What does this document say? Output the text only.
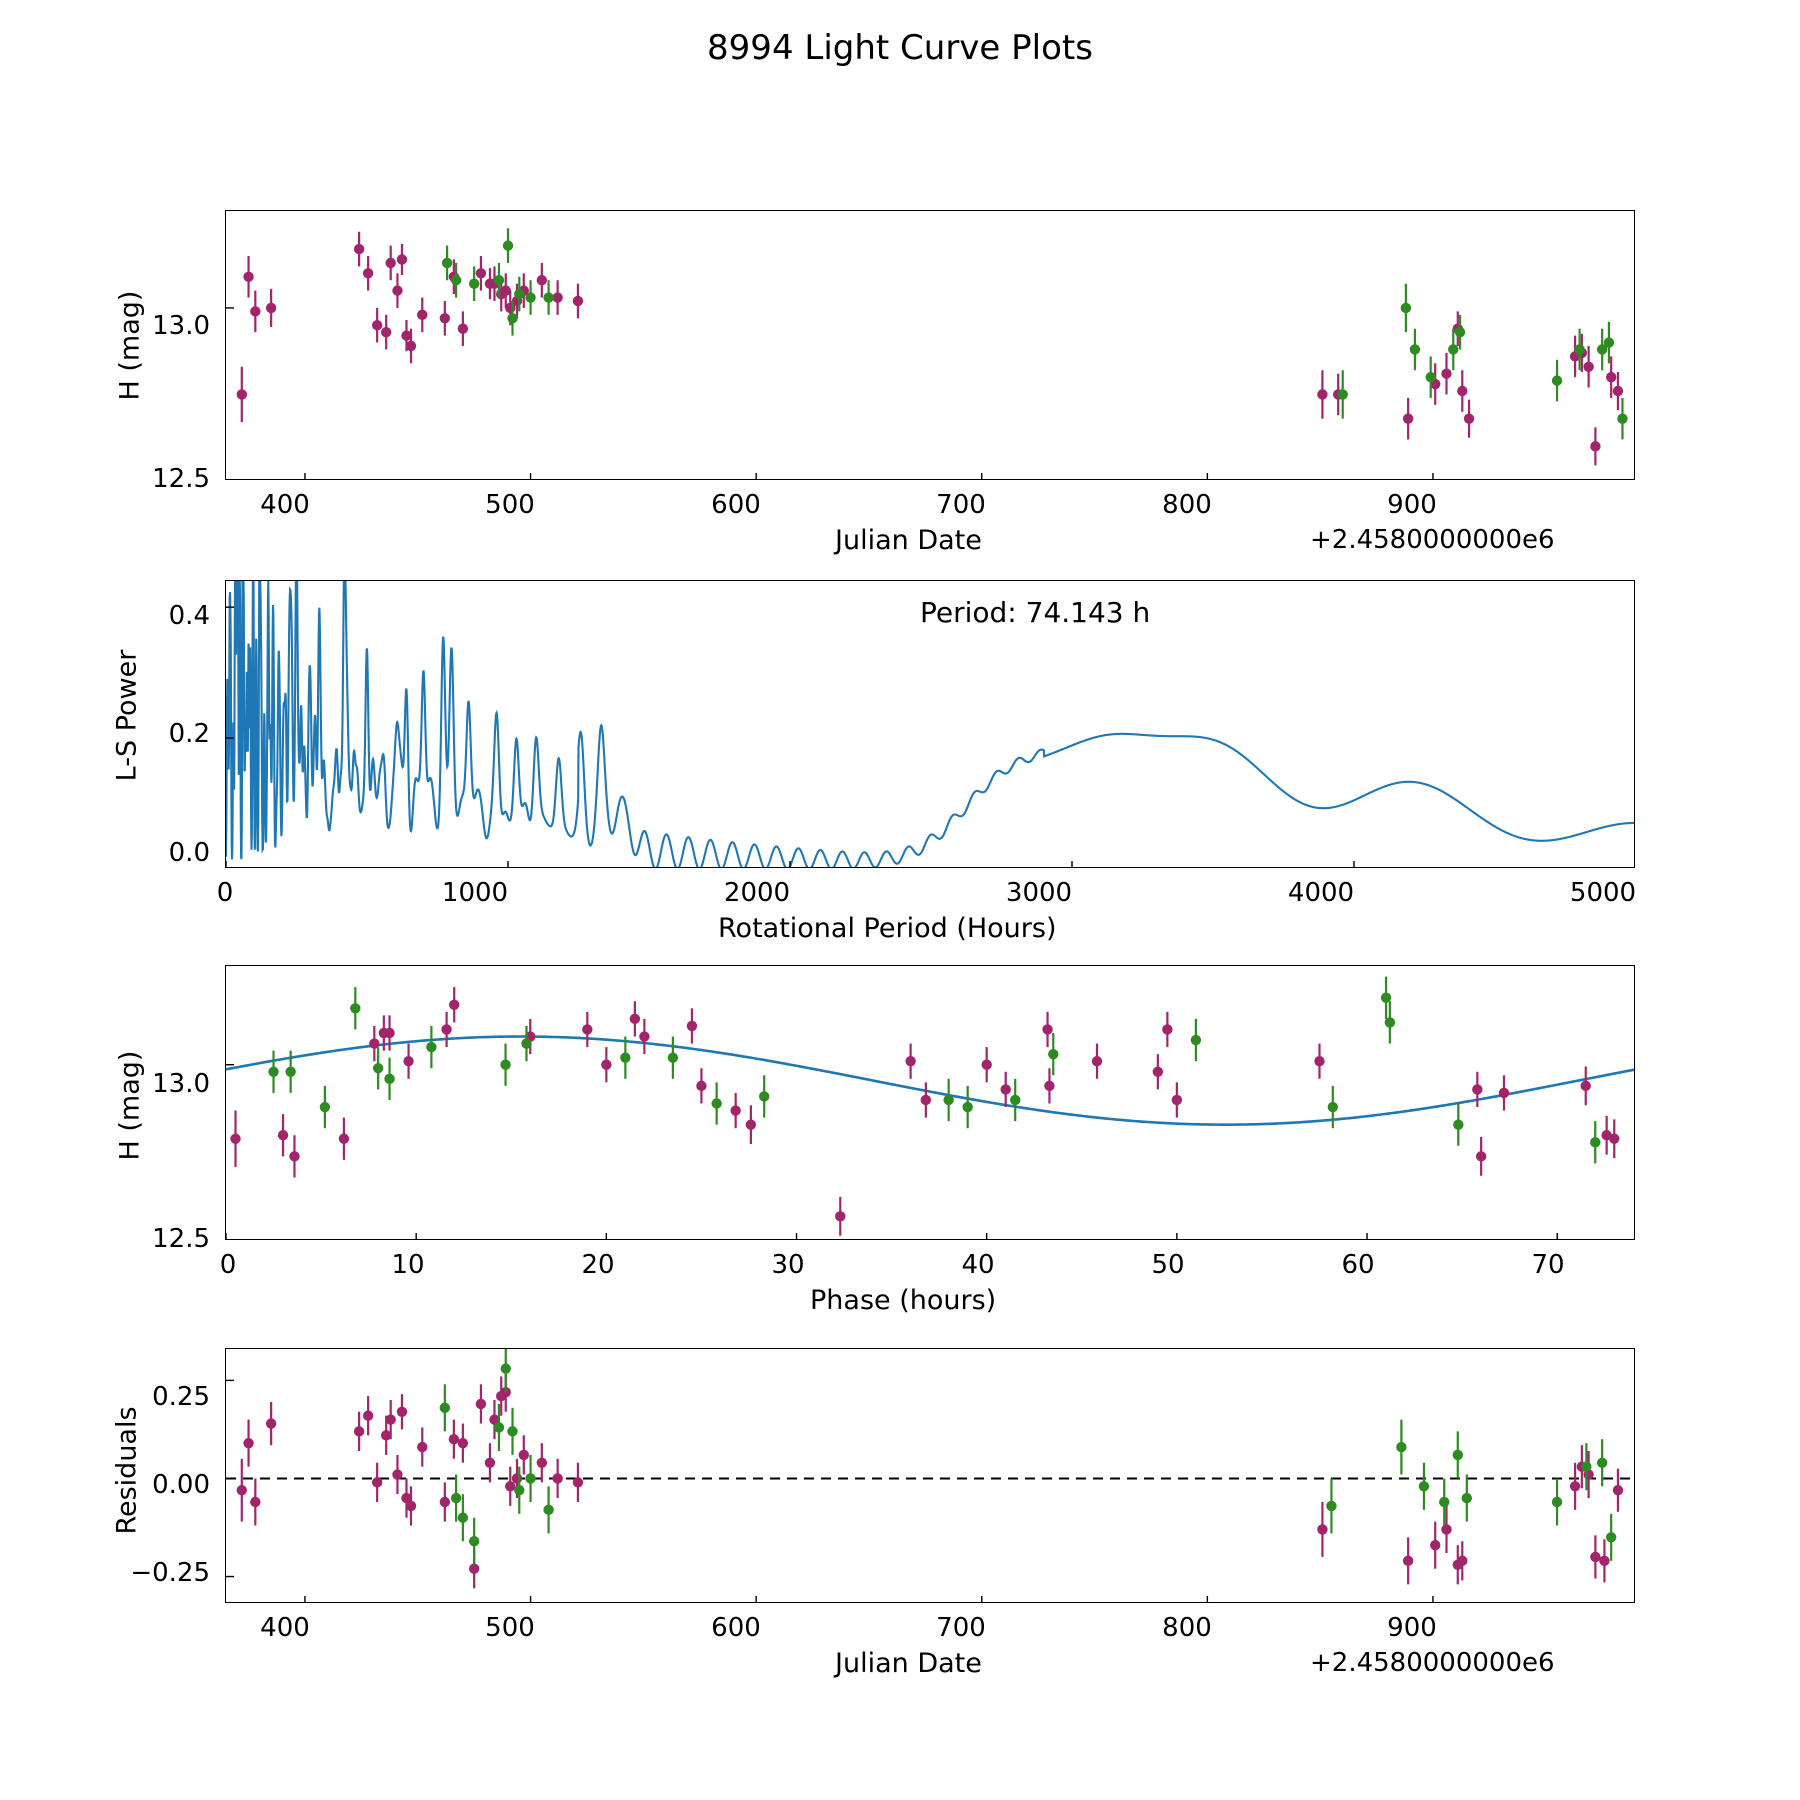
8994 Light Curve Plots
H (mag) 13.0
12.5
400	500	600	700	800	900
Julian Date	+2.4580000000e6
L-S Power
0.4
0.2
0.0
0	1000	2000	3000	4000	5000
Rotational Period (Hours)
Period: 74.143 h
H (mag) 13.0
12.5
0	10	20	30	40	50	60	70
Phase (hours)
Residuals
0.25
0.00
−0.25
400	500	600	700	800	900
Julian Date	+2.4580000000e6
